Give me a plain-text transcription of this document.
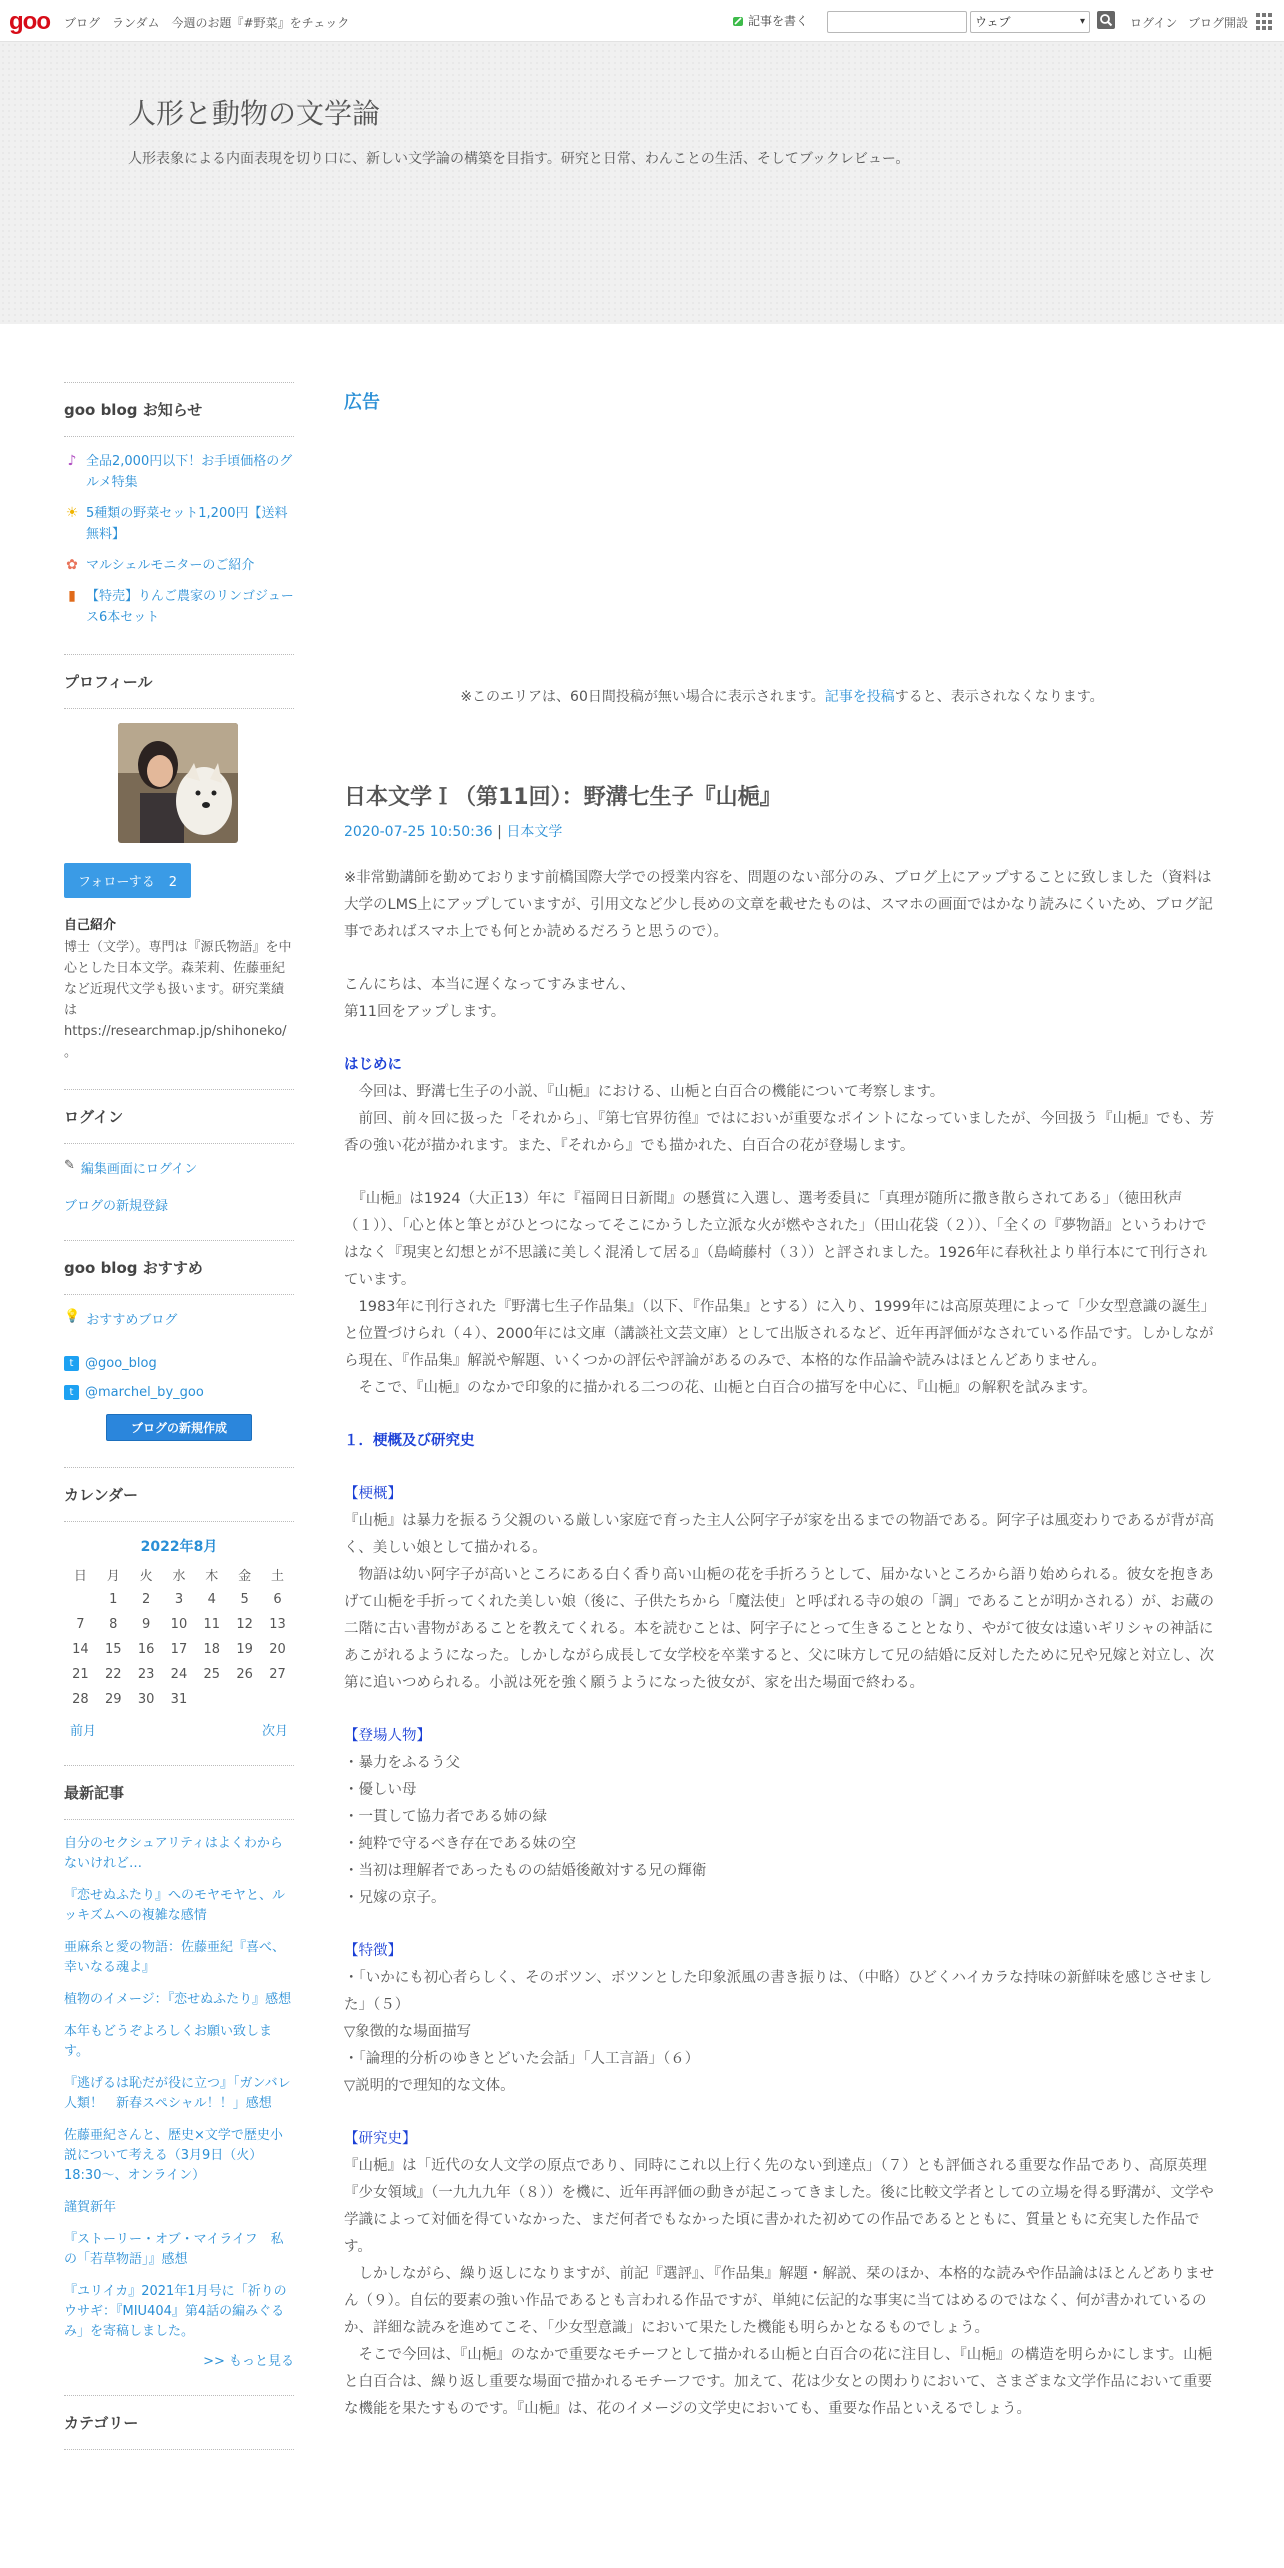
goo ブログ ランダム 今週のお題『#野菜』をチェック	記事を書く	ウェブ	▾	ログイン ブログ開設
人形と動物の文学論
人形表象による内面表現を切り口に、新しい文学論の構築を目指す。研究と日常、わんことの生活、そしてブックレビュー。
goo blog お知らせ
♪ 全品2,000円以下！お手頃価格のグルメ特集
☀ 5種類の野菜セット1,200円【送料無料】
✿ マルシェルモニターのご紹介
▮ 【特売】りんご農家のリンゴジュース6本セット
プロフィール
フォローする 2
自己紹介
博士（文学）。専門は『源氏物語』を中心とした日本文学。森茉莉、佐藤亜紀など近現代文学も扱います。研究業績は https://researchmap.jp/shihoneko/ 。
ログイン
✎ 編集画面にログイン
ブログの新規登録
goo blog おすすめ
💡 おすすめブログ
t @goo_blog
t @marchel_by_goo
ブログの新規作成
カレンダー
2022年8月
日	月	火	水	木	金	土
	1	2	3	4	5	6
7	8	9	10	11	12	13
14	15	16	17	18	19	20
21	22	23	24	25	26	27
28	29	30	31			
前月	次月
最新記事
自分のセクシュアリティはよくわからないけれど…
『恋せぬふたり』へのモヤモヤと、ルッキズムへの複雑な感情
亜麻糸と愛の物語：佐藤亜紀『喜べ、幸いなる魂よ』
植物のイメージ：『恋せぬふたり』感想
本年もどうぞよろしくお願い致します。
『逃げるは恥だが役に立つ』「ガンバレ人類！　新春スペシャル！！」感想
佐藤亜紀さんと、歴史×文学で歴史小説について考える（3月9日（火）18:30～、オンライン）
謹賀新年
『ストーリー・オブ・マイライフ　私の「若草物語」』感想
『ユリイカ』2021年1月号に「祈りのウサギ：『MIU404』第4話の編みぐるみ」を寄稿しました。
>> もっと見る
カテゴリー
広告
※このエリアは、60日間投稿が無い場合に表示されます。記事を投稿すると、表示されなくなります。
日本文学Ｉ（第11回）：野溝七生子『山梔』
2020-07-25 10:50:36 | 日本文学

※非常勤講師を勤めております前橋国際大学での授業内容を、問題のない部分のみ、ブログ上にアップすることに致しました（資料は大学のLMS上にアップしていますが、引用文など少し長めの文章を載せたものは、スマホの画面ではかなり読みにくいため、ブログ記事であればスマホ上でも何とか読めるだろうと思うので）。

こんにちは、本当に遅くなってすみません、

第11回をアップします。

はじめに

　今回は、野溝七生子の小説、『山梔』における、山梔と白百合の機能について考察します。

　前回、前々回に扱った「それから」、『第七官界彷徨』ではにおいが重要なポイントになっていましたが、今回扱う『山梔』でも、芳香の強い花が描かれます。また、『それから』でも描かれた、白百合の花が登場します。

　『山梔』は1924（大正13）年に『福岡日日新聞』の懸賞に入選し、選考委員に「真理が随所に撒き散らされてある」（徳田秋声（１））、「心と体と筆とがひとつになってそこにかうした立派な火が燃やされた」（田山花袋（２））、「全くの『夢物語』というわけではなく『現実と幻想とが不思議に美しく混淆して居る』（島崎藤村（３））と評されました。1926年に春秋社より単行本にて刊行されています。

　1983年に刊行された『野溝七生子作品集』（以下、『作品集』とする）に入り、1999年には高原英理によって「少女型意識の誕生」と位置づけられ（４）、2000年には文庫（講談社文芸文庫）として出版されるなど、近年再評価がなされている作品です。しかしながら現在、『作品集』解説や解題、いくつかの評伝や評論があるのみで、本格的な作品論や読みはほとんどありません。

　そこで、『山梔』のなかで印象的に描かれる二つの花、山梔と白百合の描写を中心に、『山梔』の解釈を試みます。

１．梗概及び研究史

【梗概】

『山梔』は暴力を振るう父親のいる厳しい家庭で育った主人公阿字子が家を出るまでの物語である。阿字子は風変わりであるが背が高く、美しい娘として描かれる。

　物語は幼い阿字子が高いところにある白く香り高い山梔の花を手折ろうとして、届かないところから語り始められる。彼女を抱きあげて山梔を手折ってくれた美しい娘（後に、子供たちから「魔法使」と呼ばれる寺の娘の「調」であることが明かされる）が、お蔵の二階に古い書物があることを教えてくれる。本を読むことは、阿字子にとって生きることとなり、やがて彼女は遠いギリシャの神話にあこがれるようになった。しかしながら成長して女学校を卒業すると、父に味方して兄の結婚に反対したために兄や兄嫁と対立し、次第に追いつめられる。小説は死を強く願うようになった彼女が、家を出た場面で終わる。

【登場人物】

・暴力をふるう父

・優しい母

・一貫して協力者である姉の緑

・純粋で守るべき存在である妹の空

・当初は理解者であったものの結婚後敵対する兄の輝衛

・兄嫁の京子。

【特徴】

・「いかにも初心者らしく、そのボツン、ボツンとした印象派風の書き振りは、（中略）ひどくハイカラな持味の新鮮味を感じさせました」（５）

▽象徴的な場面描写

・「論理的分析のゆきとどいた会話」「人工言語」（６）

▽説明的で理知的な文体。

【研究史】

『山梔』は「近代の女人文学の原点であり、同時にこれ以上行く先のない到達点」（７）とも評価される重要な作品であり、高原英理『少女領域』（一九九九年（８））を機に、近年再評価の動きが起こってきました。後に比較文学者としての立場を得る野溝が、文学や学識によって対価を得ていなかった、まだ何者でもなかった頃に書かれた初めての作品であるとともに、質量ともに充実した作品です。

　しかしながら、繰り返しになりますが、前記『選評』、『作品集』解題・解説、栞のほか、本格的な読みや作品論はほとんどありません（９）。自伝的要素の強い作品であるとも言われる作品ですが、単純に伝記的な事実に当てはめるのではなく、何が書かれているのか、詳細な読みを進めてこそ、「少女型意識」において果たした機能も明らかとなるものでしょう。

　そこで今回は、『山梔』のなかで重要なモチーフとして描かれる山梔と白百合の花に注目し、『山梔』の構造を明らかにします。山梔と白百合は、繰り返し重要な場面で描かれるモチーフです。加えて、花は少女との関わりにおいて、さまざまな文学作品において重要な機能を果たすものです。『山梔』は、花のイメージの文学史においても、重要な作品といえるでしょう。
